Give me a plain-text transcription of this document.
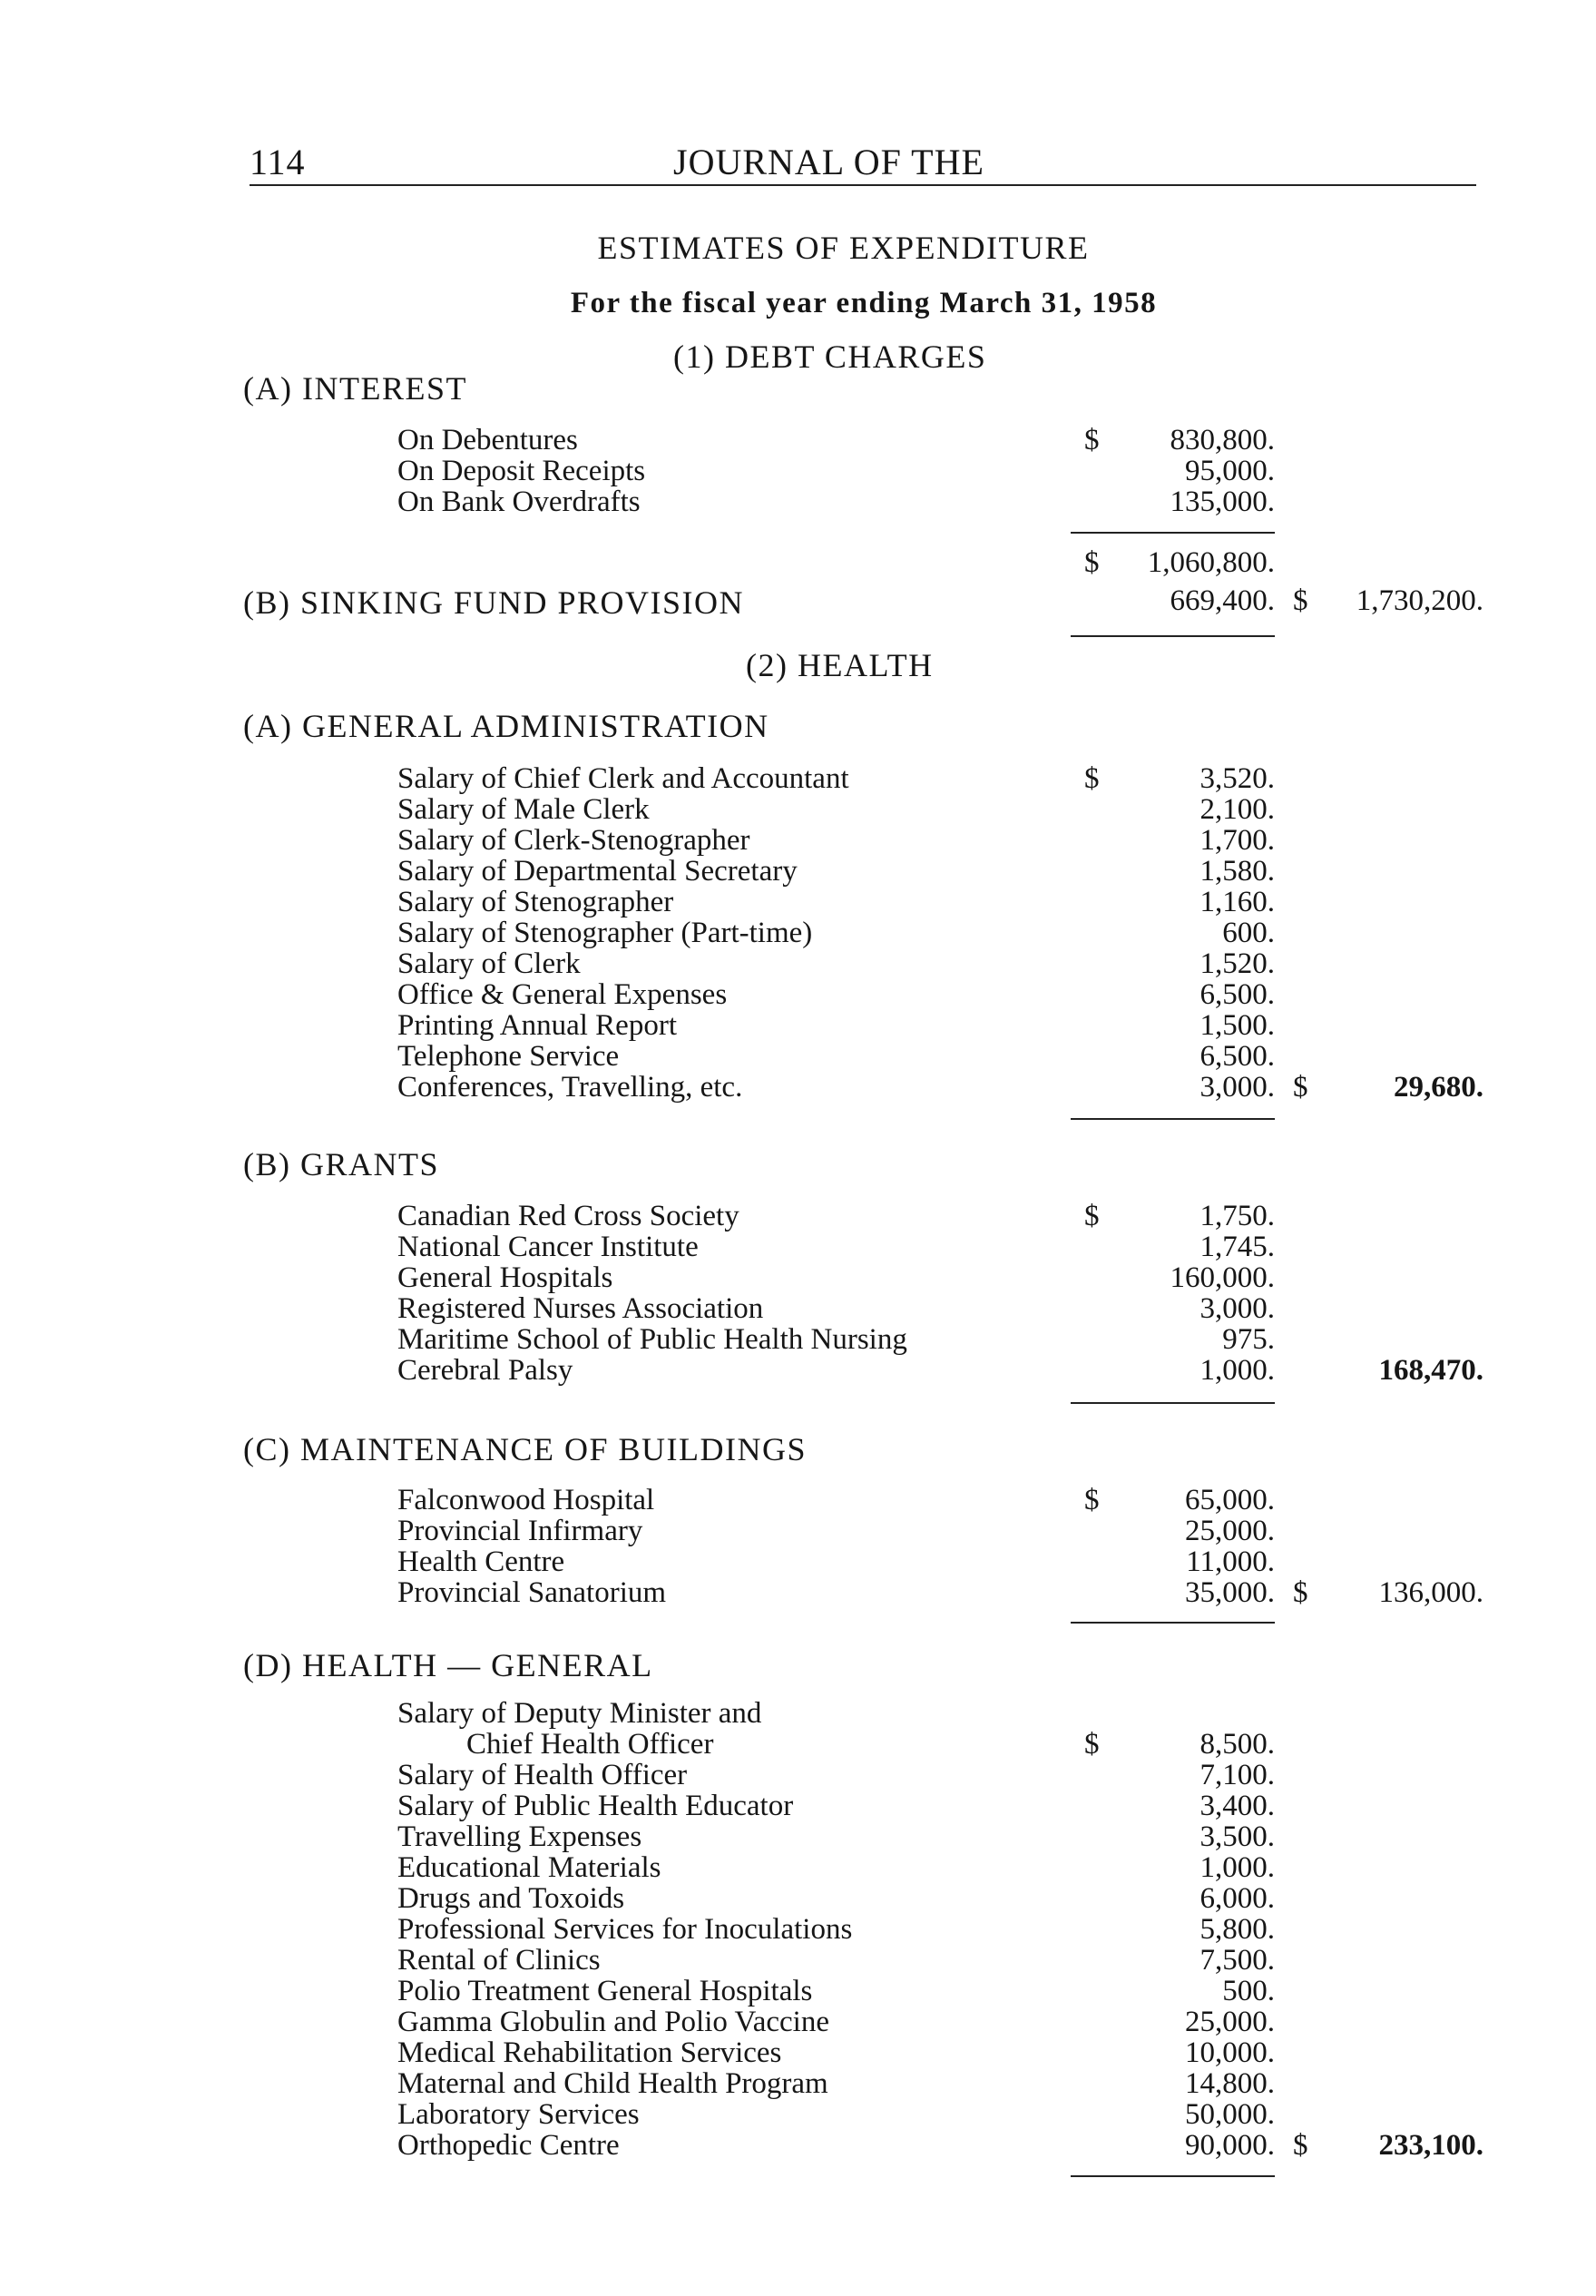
114	JOURNAL OF THE
ESTIMATES OF EXPENDITURE
For the fiscal year ending March 31, 1958
(1) DEBT CHARGES
(A) INTEREST
On Debentures	$	830,800.
On Deposit Receipts	95,000.
On Bank Overdrafts	135,000.
$	1,060,800.
(B) SINKING FUND PROVISION	669,400. $	1,730,200.
(2) HEALTH
(A) GENERAL ADMINISTRATION
Salary of Chief Clerk and Accountant	$	3,520.
Salary of Male Clerk	2,100.
Salary of Clerk-Stenographer	1,700.
Salary of Departmental Secretary	1,580.
Salary of Stenographer	1,160.
Salary of Stenographer (Part-time)	600.
Salary of Clerk	1,520.
Office & General Expenses	6,500.
Printing Annual Report	1,500.
Telephone Service	6,500.
Conferences, Travelling, etc.	3,000. $	29,680.
(B) GRANTS
Canadian Red Cross Society	$	1,750.
National Cancer Institute	1,745.
General Hospitals	160,000.
Registered Nurses Association	3,000.
Maritime School of Public Health Nursing	975.
Cerebral Palsy	1,000.	168,470.
(C) MAINTENANCE OF BUILDINGS
Falconwood Hospital	$	65,000.
Provincial Infirmary	25,000.
Health Centre	11,000.
Provincial Sanatorium	35,000. $	136,000.
(D) HEALTH — GENERAL
Salary of Deputy Minister and
Chief Health Officer	$	8,500.
Salary of Health Officer	7,100.
Salary of Public Health Educator	3,400.
Travelling Expenses	3,500.
Educational Materials	1,000.
Drugs and Toxoids	6,000.
Professional Services for Inoculations	5,800.
Rental of Clinics	7,500.
Polio Treatment General Hospitals	500.
Gamma Globulin and Polio Vaccine	25,000.
Medical Rehabilitation Services	10,000.
Maternal and Child Health Program	14,800.
Laboratory Services	50,000.
Orthopedic Centre	90,000. $	233,100.
